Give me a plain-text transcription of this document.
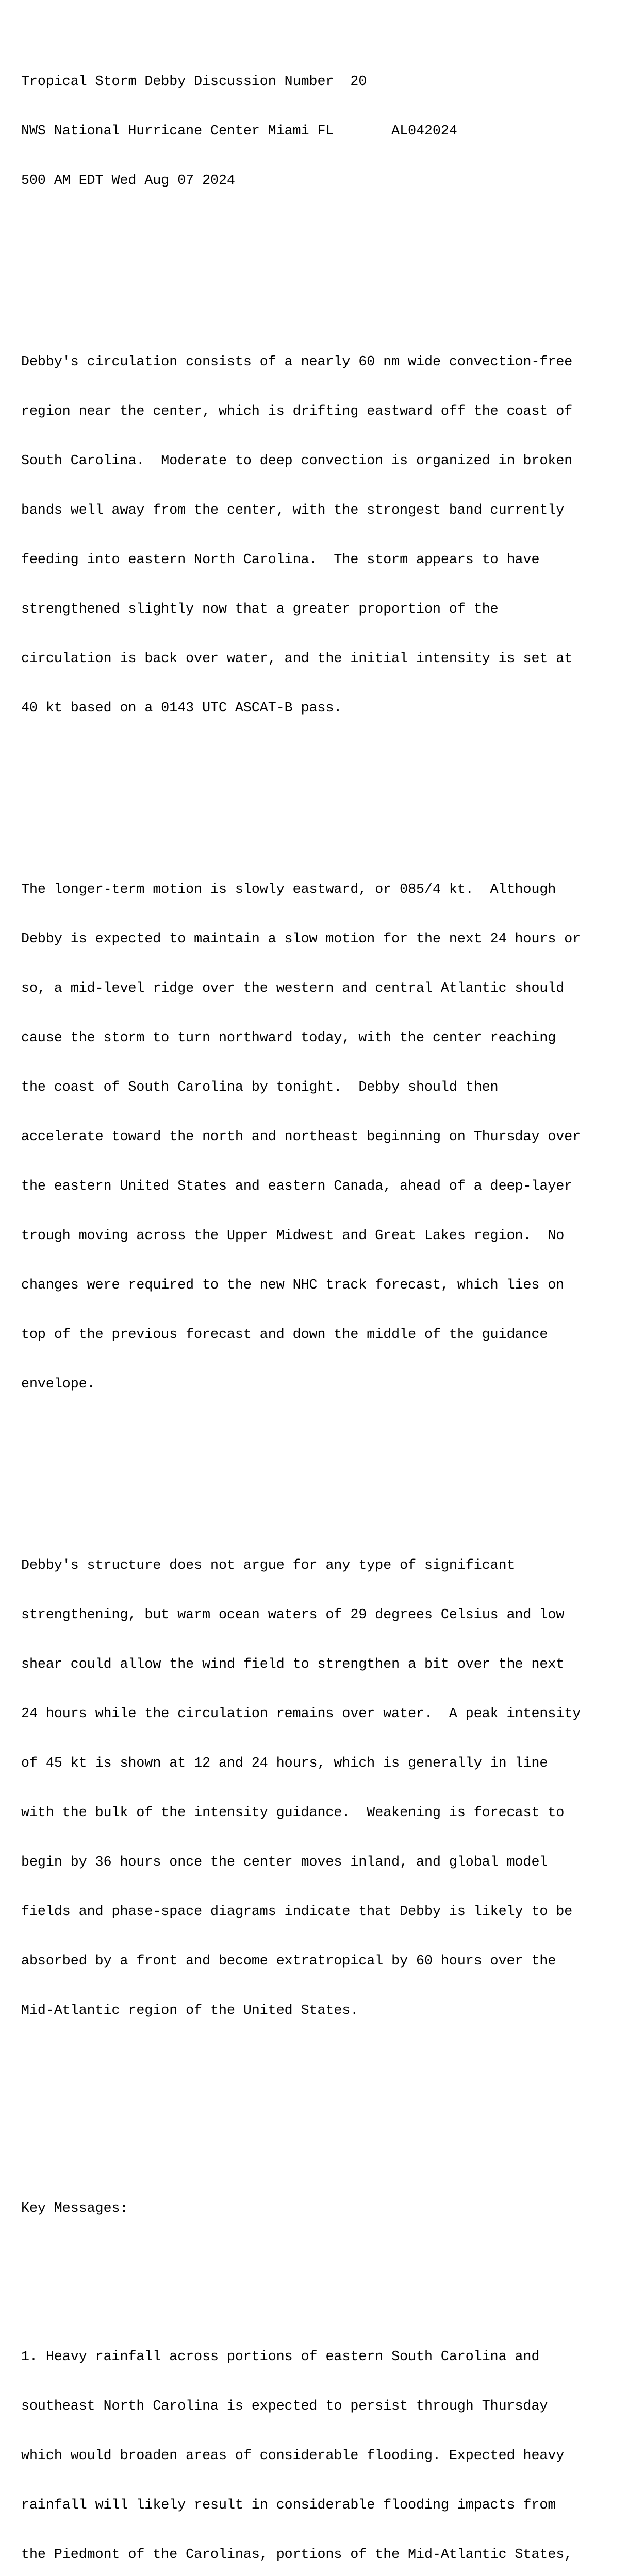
Tropical Storm Debby Discussion Number  20

NWS National Hurricane Center Miami FL       AL042024

500 AM EDT Wed Aug 07 2024

Debby's circulation consists of a nearly 60 nm wide convection-free

region near the center, which is drifting eastward off the coast of

South Carolina.  Moderate to deep convection is organized in broken

bands well away from the center, with the strongest band currently

feeding into eastern North Carolina.  The storm appears to have

strengthened slightly now that a greater proportion of the

circulation is back over water, and the initial intensity is set at

40 kt based on a 0143 UTC ASCAT-B pass.

The longer-term motion is slowly eastward, or 085/4 kt.  Although

Debby is expected to maintain a slow motion for the next 24 hours or

so, a mid-level ridge over the western and central Atlantic should

cause the storm to turn northward today, with the center reaching

the coast of South Carolina by tonight.  Debby should then

accelerate toward the north and northeast beginning on Thursday over

the eastern United States and eastern Canada, ahead of a deep-layer

trough moving across the Upper Midwest and Great Lakes region.  No

changes were required to the new NHC track forecast, which lies on

top of the previous forecast and down the middle of the guidance

envelope.

Debby's structure does not argue for any type of significant

strengthening, but warm ocean waters of 29 degrees Celsius and low

shear could allow the wind field to strengthen a bit over the next

24 hours while the circulation remains over water.  A peak intensity

of 45 kt is shown at 12 and 24 hours, which is generally in line

with the bulk of the intensity guidance.  Weakening is forecast to

begin by 36 hours once the center moves inland, and global model

fields and phase-space diagrams indicate that Debby is likely to be

absorbed by a front and become extratropical by 60 hours over the

Mid-Atlantic region of the United States.

Key Messages:

1. Heavy rainfall across portions of eastern South Carolina and

southeast North Carolina is expected to persist through Thursday

which would broaden areas of considerable flooding. Expected heavy

rainfall will likely result in considerable flooding impacts from

the Piedmont of the Carolinas, portions of the Mid-Atlantic States,
